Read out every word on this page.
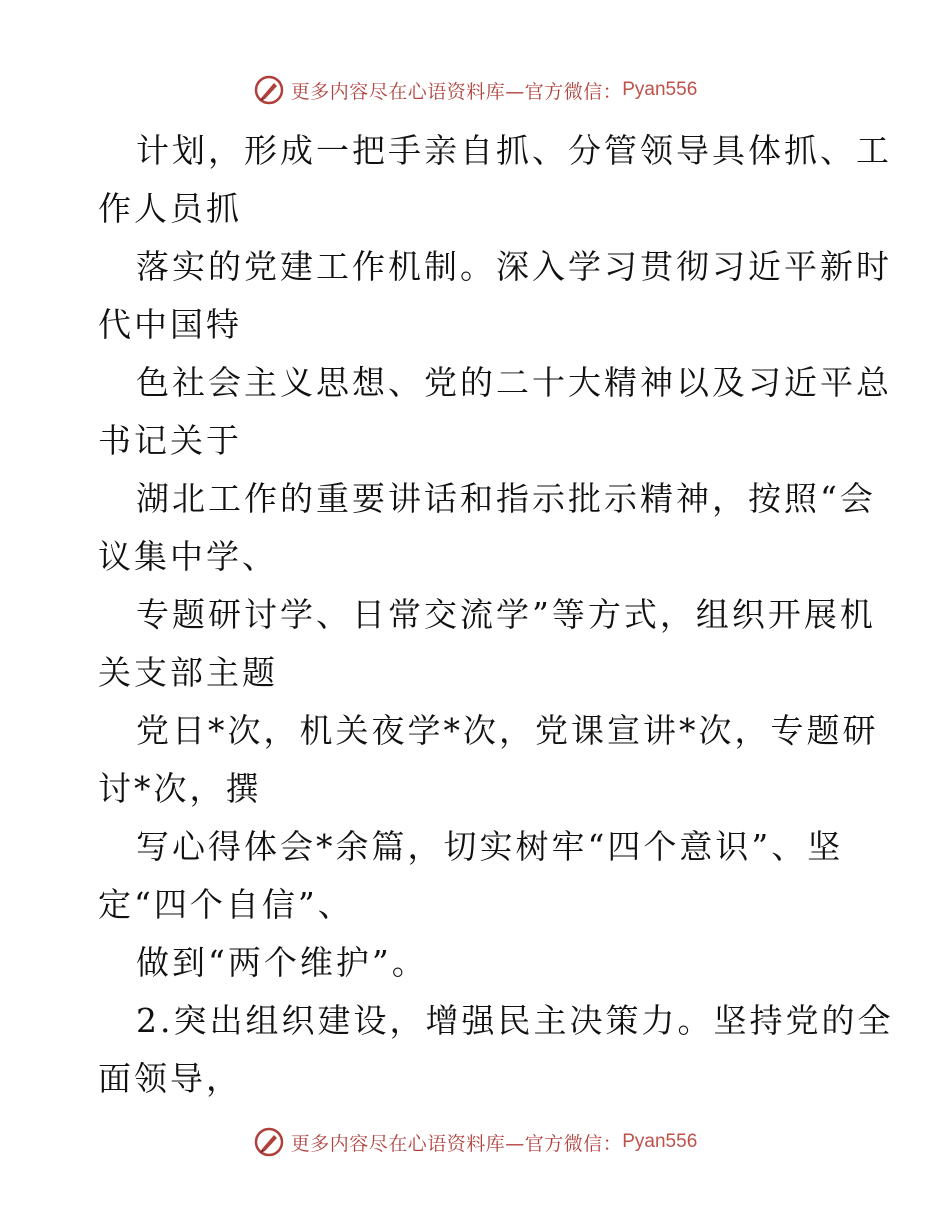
更多内容尽在心语资料库—官方微信： Pyan556
计划，形成一把手亲自抓、分管领导具体抓、工
作人员抓
落实的党建工作机制。深入学习贯彻习近平新时
代中国特
色社会主义思想、党的二十大精神以及习近平总
书记关于
湖北工作的重要讲话和指示批示精神，按照“会
议集中学、
专题研讨学、日常交流学”等方式，组织开展机
关支部主题
党日*次，机关夜学*次，党课宣讲*次，专题研
讨*次，撰
写心得体会*余篇，切实树牢“四个意识”、坚
定“四个自信”、
做到“两个维护”。
2.突出组织建设，增强民主决策力。坚持党的全
面领导，
更多内容尽在心语资料库—官方微信： Pyan556
